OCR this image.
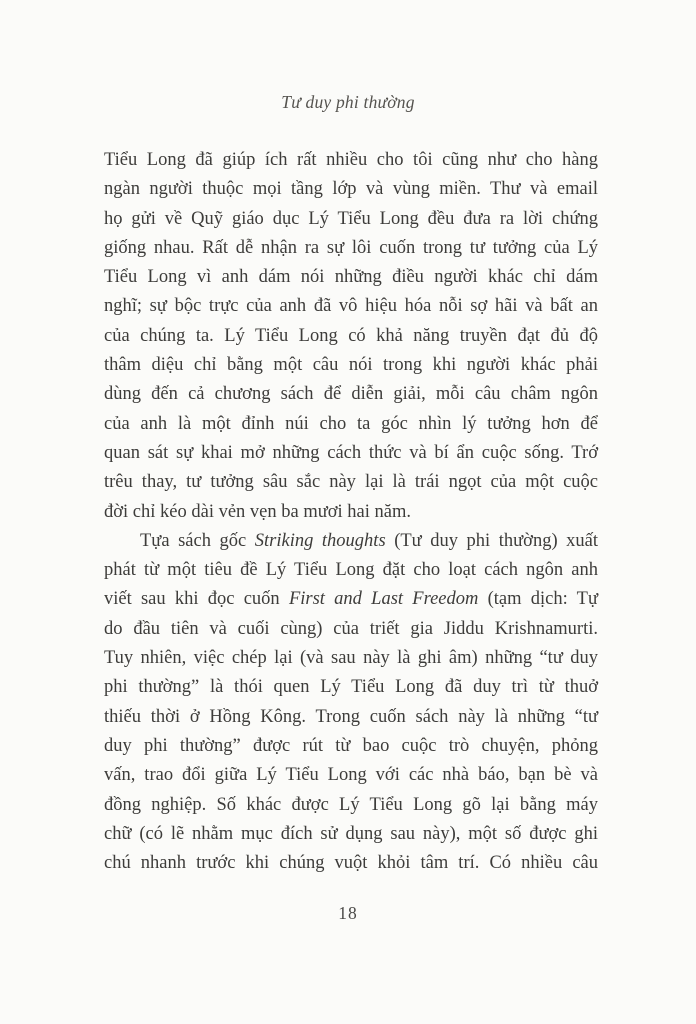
Tư duy phi thường
Tiểu Long đã giúp ích rất nhiều cho tôi cũng như cho hàng
ngàn người thuộc mọi tầng lớp và vùng miền. Thư và email
họ gửi về Quỹ giáo dục Lý Tiểu Long đều đưa ra lời chứng
giống nhau. Rất dễ nhận ra sự lôi cuốn trong tư tưởng của Lý
Tiểu Long vì anh dám nói những điều người khác chỉ dám
nghĩ; sự bộc trực của anh đã vô hiệu hóa nỗi sợ hãi và bất an
của chúng ta. Lý Tiểu Long có khả năng truyền đạt đủ độ
thâm diệu chỉ bằng một câu nói trong khi người khác phải
dùng đến cả chương sách để diễn giải, mỗi câu châm ngôn
của anh là một đỉnh núi cho ta góc nhìn lý tưởng hơn để
quan sát sự khai mở những cách thức và bí ẩn cuộc sống. Trớ
trêu thay, tư tưởng sâu sắc này lại là trái ngọt của một cuộc
đời chỉ kéo dài vẻn vẹn ba mươi hai năm.
Tựa sách gốc Striking thoughts (Tư duy phi thường) xuất
phát từ một tiêu đề Lý Tiểu Long đặt cho loạt cách ngôn anh
viết sau khi đọc cuốn First and Last Freedom (tạm dịch: Tự
do đầu tiên và cuối cùng) của triết gia Jiddu Krishnamurti.
Tuy nhiên, việc chép lại (và sau này là ghi âm) những “tư duy
phi thường” là thói quen Lý Tiểu Long đã duy trì từ thuở
thiếu thời ở Hồng Kông. Trong cuốn sách này là những “tư
duy phi thường” được rút từ bao cuộc trò chuyện, phỏng
vấn, trao đổi giữa Lý Tiểu Long với các nhà báo, bạn bè và
đồng nghiệp. Số khác được Lý Tiểu Long gõ lại bằng máy
chữ (có lẽ nhằm mục đích sử dụng sau này), một số được ghi
chú nhanh trước khi chúng vuột khỏi tâm trí. Có nhiều câu
18
